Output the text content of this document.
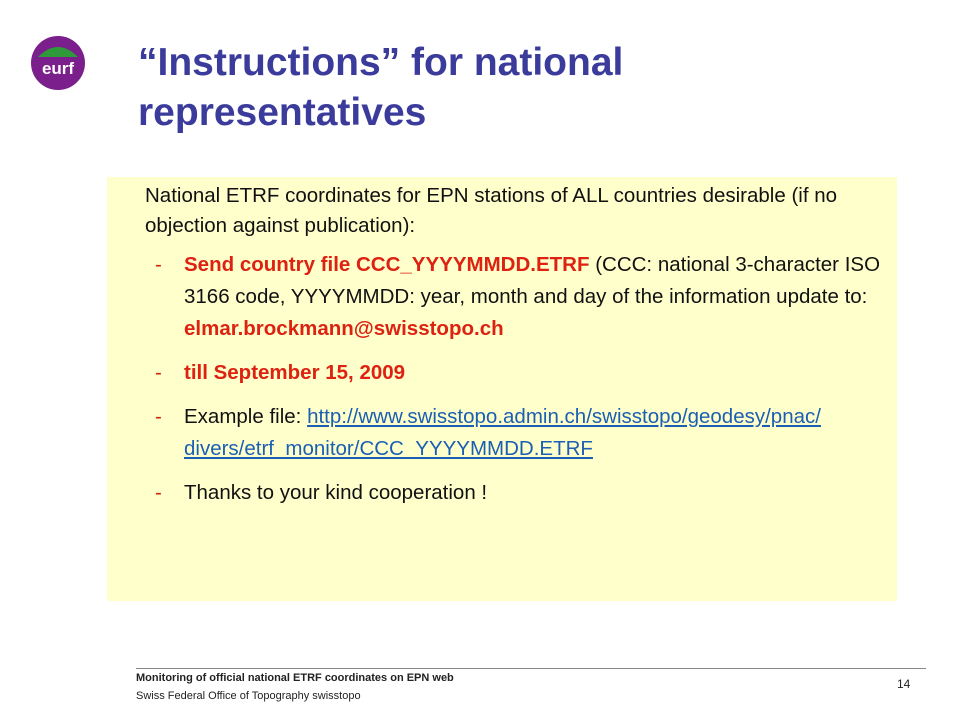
eurf “Instructions” for national representatives
National ETRF coordinates for EPN stations of ALL countries desirable (if no objection against publication):
- Send country file CCC_YYYYMMDD.ETRF (CCC: national 3-character ISO 3166 code, YYYYMMDD: year, month and day of the information update to: elmar.brockmann@swisstopo.ch
- till September 15, 2009
- Example file: http://www.swisstopo.admin.ch/swisstopo/geodesy/pnac/
divers/etrf_monitor/CCC_YYYYMMDD.ETRF
- Thanks to your kind cooperation !
Monitoring of official national ETRF coordinates on EPN web
Swiss Federal Office of Topography swisstopo
14
